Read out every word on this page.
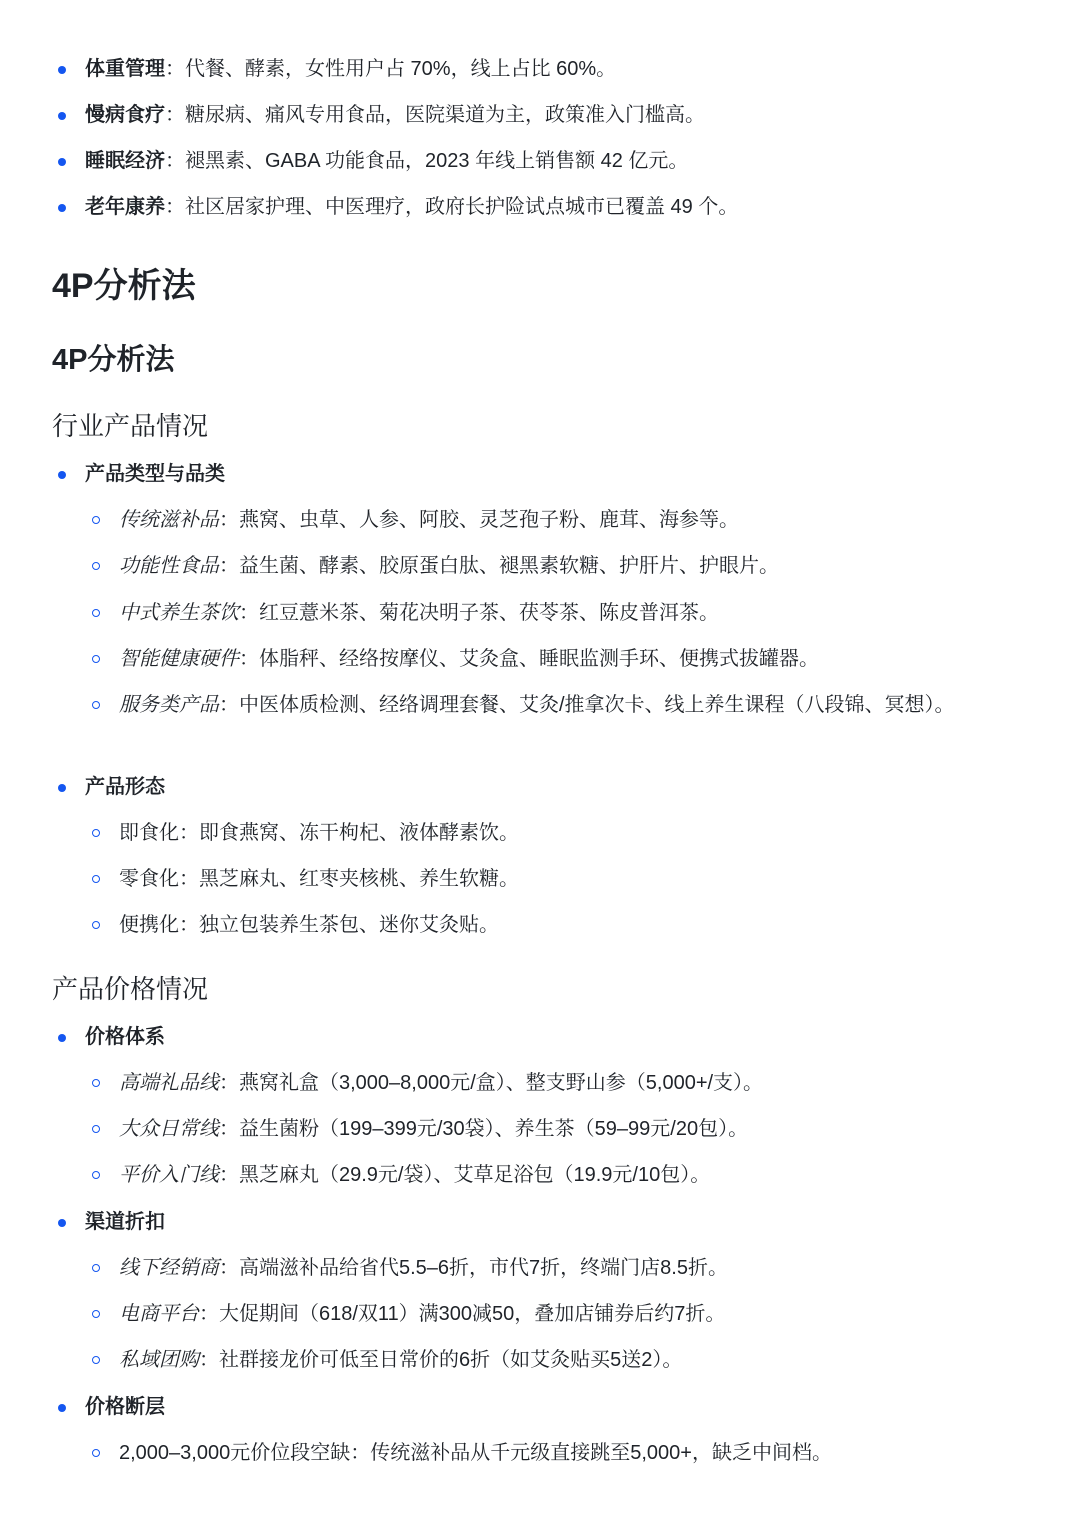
体重管理：代餐、酵素，女性用户占 70%，线上占比 60%。
慢病食疗：糖尿病、痛风专用食品，医院渠道为主，政策准入门槛高。
睡眠经济：褪黑素、GABA 功能食品，2023 年线上销售额 42 亿元。
老年康养：社区居家护理、中医理疗，政府长护险试点城市已覆盖 49 个。
4P分析法
4P分析法
行业产品情况
产品类型与品类
传统滋补品：燕窝、虫草、人参、阿胶、灵芝孢子粉、鹿茸、海参等。
功能性食品：益生菌、酵素、胶原蛋白肽、褪黑素软糖、护肝片、护眼片。
中式养生茶饮：红豆薏米茶、菊花决明子茶、茯苓茶、陈皮普洱茶。
智能健康硬件：体脂秤、经络按摩仪、艾灸盒、睡眠监测手环、便携式拔罐器。
服务类产品：中医体质检测、经络调理套餐、艾灸/推拿次卡、线上养生课程（八段锦、冥想）。
产品形态
即食化：即食燕窝、冻干枸杞、液体酵素饮。
零食化：黑芝麻丸、红枣夹核桃、养生软糖。
便携化：独立包装养生茶包、迷你艾灸贴。
产品价格情况
价格体系
高端礼品线：燕窝礼盒（3,000–8,000元/盒）、整支野山参（5,000+/支）。
大众日常线：益生菌粉（199–399元/30袋）、养生茶（59–99元/20包）。
平价入门线：黑芝麻丸（29.9元/袋）、艾草足浴包（19.9元/10包）。
渠道折扣
线下经销商：高端滋补品给省代5.5–6折，市代7折，终端门店8.5折。
电商平台：大促期间（618/双11）满300减50，叠加店铺券后约7折。
私域团购：社群接龙价可低至日常价的6折（如艾灸贴买5送2）。
价格断层
2,000–3,000元价位段空缺：传统滋补品从千元级直接跳至5,000+，缺乏中间档。
